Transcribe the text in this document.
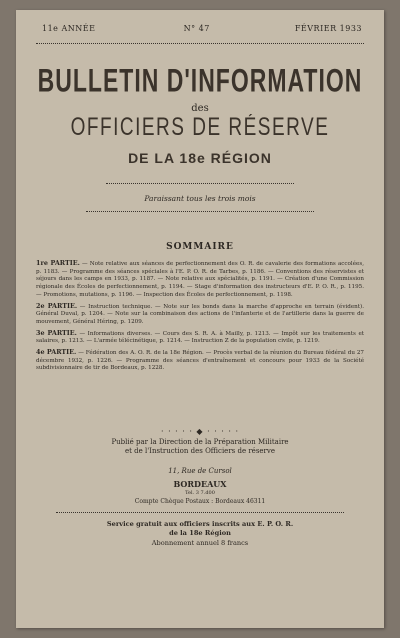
11e ANNÉE	N° 47	FÉVRIER 1933
BULLETIN D'INFORMATION
des
OFFICIERS DE RÉSERVE
DE LA 18e RÉGION
Paraissant tous les trois mois
SOMMAIRE
1re PARTIE. — Note relative aux séances de perfectionnement des O. R. de cavalerie des formations accolées, p. 1183. — Programme des séances spéciales à l'E. P. O. R. de Tarbes, p. 1186. — Conventions des réservistes et séjours dans les camps en 1933, p. 1187. — Note relative aux spécialités, p. 1191. — Création d'une Commission régionale des Écoles de perfectionnement, p. 1194. — Stage d'information des instructeurs d'E. P. O. R., p. 1195. — Promotions, mutations, p. 1196. — Inspection des Écoles de perfectionnement, p. 1198.
2e PARTIE. — Instruction technique. — Note sur les bonds dans la marche d'approche en terrain (évident). Général Duval, p. 1204. — Note sur la combinaison des actions de l'infanterie et de l'artillerie dans la guerre de mouvement, Général Héring, p. 1209.
3e PARTIE. — Informations diverses. — Cours des S. R. A. à Mailly, p. 1213. — Impôt sur les traitements et salaires, p. 1213. — L'armée télécinétique, p. 1214. — Instruction Z de la population civile, p. 1219.
4e PARTIE. — Fédération des A. O. R. de la 18e Région. — Procès verbal de la réunion du Bureau fédéral du 27 décembre 1932, p. 1226. — Programme des séances d'entraînement et concours pour 1933 de la Société subdivisionnaire de tir de Bordeaux, p. 1228.
· · · · · ◆ · · · · ·
Publié par la Direction de la Préparation Militaire
et de l'Instruction des Officiers de réserve
11, Rue de Cursol
BORDEAUX
Tel. 3 7.d00
Compte Chèque Postaux : Bordeaux 46311
Service gratuit aux officiers inscrits aux E. P. O. R.
de la 18e Région
Abonnement annuel 8 francs
